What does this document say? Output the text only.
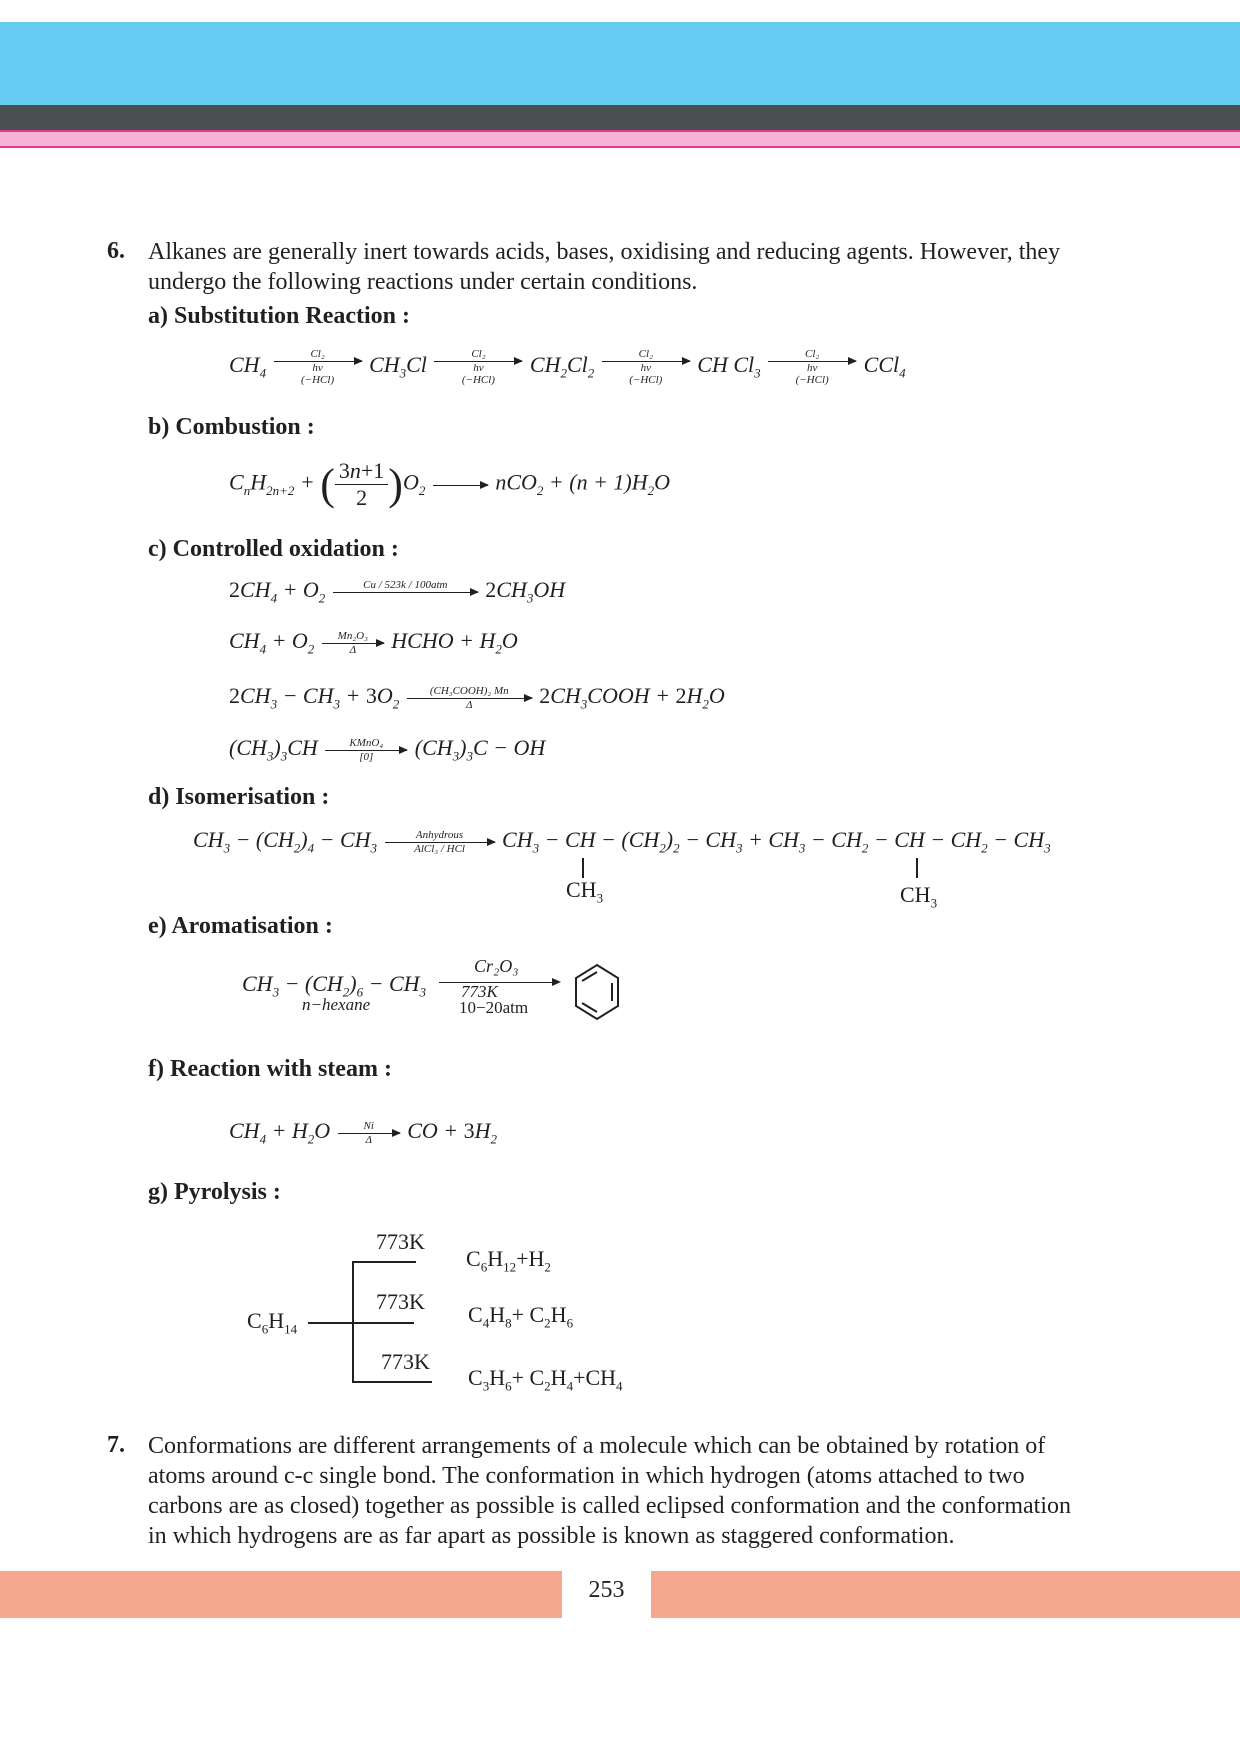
6. Alkanes are generally inert towards acids, bases, oxidising and reducing agents. However, they
undergo the following reactions under certain conditions.
a) Substitution Reaction :
$CH_4$
Cl₂
hv
(−HCl)
$CH_3Cl$	Cl₂
hv
(−HCl)
$CH_2Cl_2$
Cl₂
hv
(−HCl)
CH $Cl_3$
Cl₂
hv
(−HCl)
CCl$_4$
b) Combustion :
$C_nH_{2n+2}$ + ( $\frac{3n+1}{2} )O_2$

	$nCO_2 + (n + 1)H_2O$
c) Controlled oxidation :
$2CH_4 + O_2$
Cu / 523k / 100atm
	$2CH_3OH$
$CH_4 + O_2 \frac{\text{Mn₂O₃}}{\Delta}$ HCHO + $H_2O$
$2CH_3 - CH_3 + 3O_2$
(CH₃COOH)₂ Mn
Δ	$2CH_3COOH + 2H_2O$
$(CH_3)_3CH$	KMnO₄
[0]	$(CH_3)_3C$ − OH
d) Isomerisation :
$CH_3 - (CH_2)_4 - CH_3$
Anhydrous
AlCl₃ / HCl	$CH_3$ − CH − $(CH_2)_2 - CH_3 + CH_3 - CH_2$ − CH − $CH_2 - CH_3$
$CH_3$	$CH_3$
e) Aromatisation :
$CH_3 - (CH_2)_6 - CH_3$
n−hexane
Cr₂O₃
773K
10−20atm
f) Reaction with steam :
$CH_4 + H_2O \frac{Ni}{\Delta}$ CO + $3H_2$
g) Pyrolysis :
$C_6H_{14}$
773K
773K
773K
$C_6H_{12}+H_2$
$C_4H_8+ C_2H_6$
$C_3H_6+ C_2H_4+CH_4$
7. Conformations are different arrangements of a molecule which can be obtained by rotation of
atoms around c-c single bond. The conformation in which hydrogen (atoms attached to two
carbons are as closed) together as possible is called eclipsed conformation and the conformation
in which hydrogens are as far apart as possible is known as staggered conformation.
253
